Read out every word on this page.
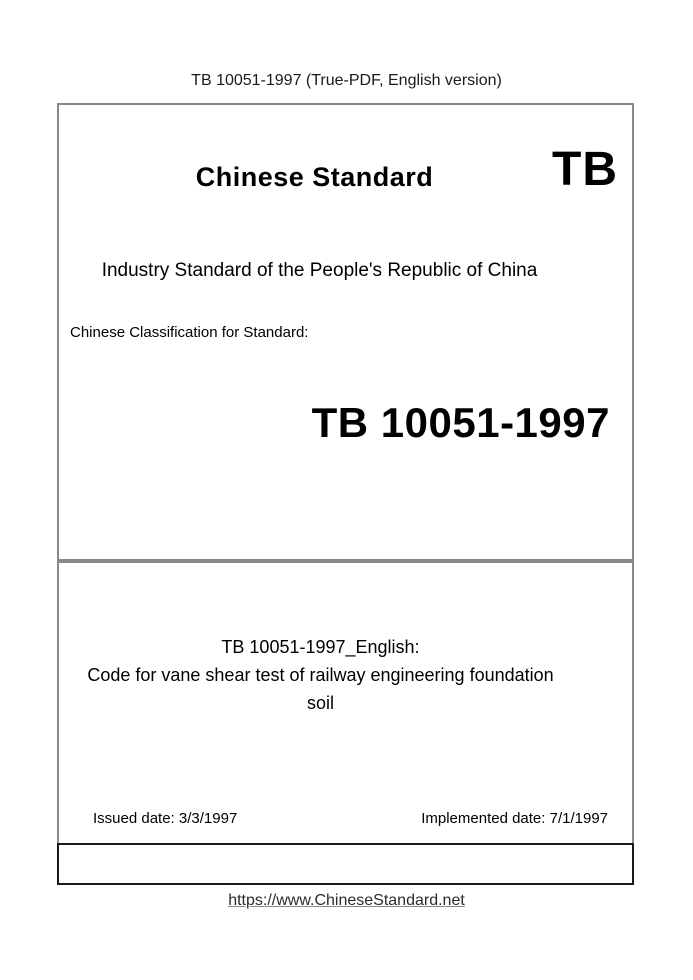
TB 10051-1997 (True-PDF, English version)
Chinese Standard	TB
Industry Standard of the People's Republic of China
Chinese Classification for Standard:
TB 10051-1997
TB 10051-1997_English:
Code for vane shear test of railway engineering foundation
soil
Issued date: 3/3/1997	Implemented date: 7/1/1997
https://www.ChineseStandard.net
